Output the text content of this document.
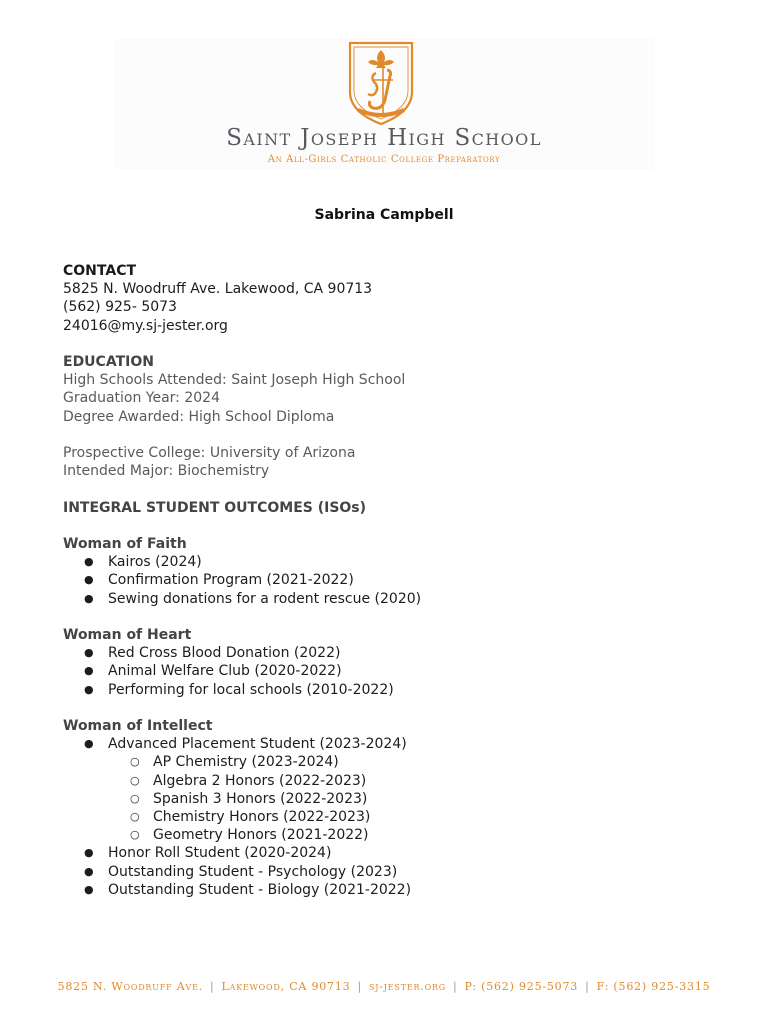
Saint Joseph High School
An All-Girls Catholic College Preparatory
Sabrina Campbell
CONTACT
5825 N. Woodruff Ave. Lakewood, CA 90713
(562) 925- 5073
24016@my.sj-jester.org
EDUCATION
High Schools Attended: Saint Joseph High School
Graduation Year: 2024
Degree Awarded: High School Diploma
Prospective College: University of Arizona
Intended Major: Biochemistry
INTEGRAL STUDENT OUTCOMES (ISOs)
Woman of Faith
● Kairos (2024)
● Confirmation Program (2021-2022)
● Sewing donations for a rodent rescue (2020)
Woman of Heart
● Red Cross Blood Donation (2022)
● Animal Welfare Club (2020-2022)
● Performing for local schools (2010-2022)
Woman of Intellect
● Advanced Placement Student (2023-2024)
○ AP Chemistry (2023-2024)
○ Algebra 2 Honors (2022-2023)
○ Spanish 3 Honors (2022-2023)
○ Chemistry Honors (2022-2023)
○ Geometry Honors (2021-2022)
● Honor Roll Student (2020-2024)
● Outstanding Student - Psychology (2023)
● Outstanding Student - Biology (2021-2022)
5825 N. Woodruff Ave. | Lakewood, CA 90713 | sj-jester.org | P: (562) 925-5073 | F: (562) 925-3315
